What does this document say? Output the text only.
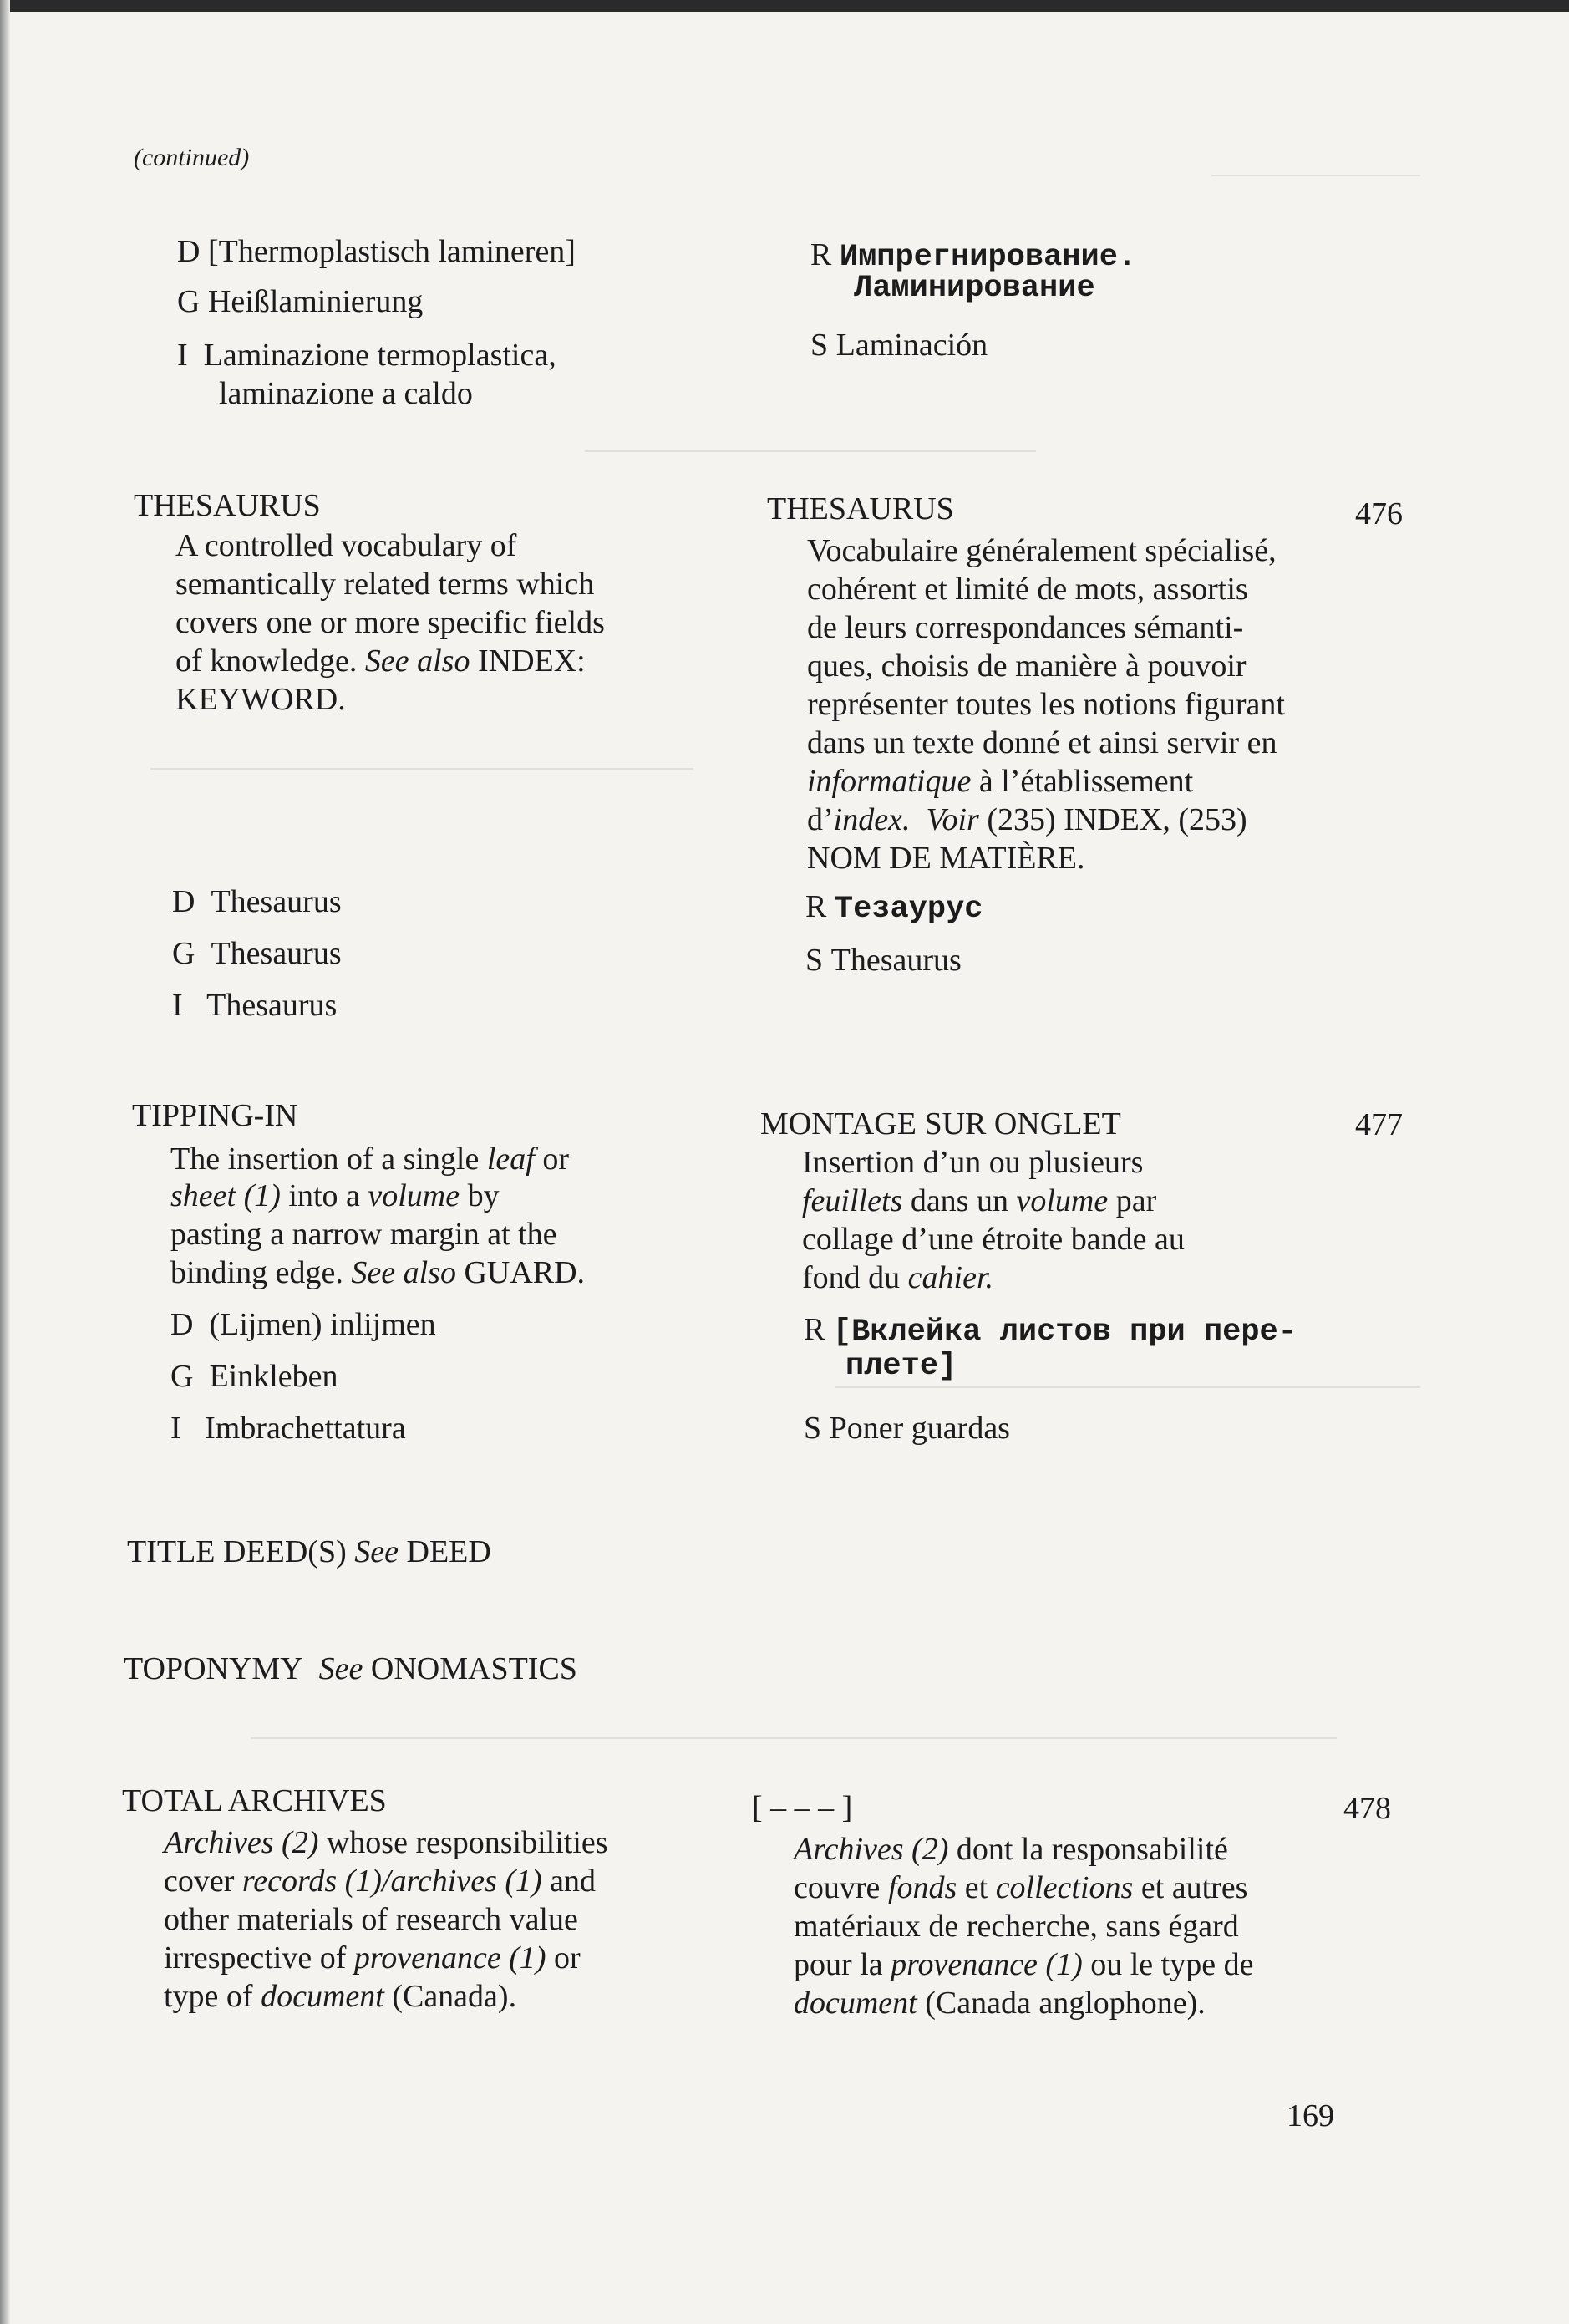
(continued)
D [Thermoplastisch lamineren]
G Heißlaminierung
I Laminazione termoplastica,
laminazione a caldo
R Импрегнирование.
Ламинирование
S Laminación
THESAURUS
A controlled vocabulary of
semantically related terms which
covers one or more specific fields
of knowledge. See also INDEX:
KEYWORD.
THESAURUS	476
Vocabulaire généralement spécialisé,
cohérent et limité de mots, assortis
de leurs correspondances sémanti-
ques, choisis de manière à pouvoir
représenter toutes les notions figurant
dans un texte donné et ainsi servir en
informatique à l’établissement
d’index. Voir (235) INDEX, (253)
NOM DE MATIÈRE.
D Thesaurus
G Thesaurus
I Thesaurus
R Тезаурус
S Thesaurus
TIPPING-IN
The insertion of a single leaf or
sheet (1) into a volume by
pasting a narrow margin at the
binding edge. See also GUARD.
MONTAGE SUR ONGLET	477
Insertion d’un ou plusieurs
feuillets dans un volume par
collage d’une étroite bande au
fond du cahier.
D (Lijmen) inlijmen
G Einkleben
I Imbrachettatura
R [Вклейка листов при пере-
плете]
S Poner guardas
TITLE DEED(S) See DEED
TOPONYMY See ONOMASTICS
TOTAL ARCHIVES
Archives (2) whose responsibilities
cover records (1)/archives (1) and
other materials of research value
irrespective of provenance (1) or
type of document (Canada).
[ – – – ]	478
Archives (2) dont la responsabilité
couvre fonds et collections et autres
matériaux de recherche, sans égard
pour la provenance (1) ou le type de
document (Canada anglophone).
169
